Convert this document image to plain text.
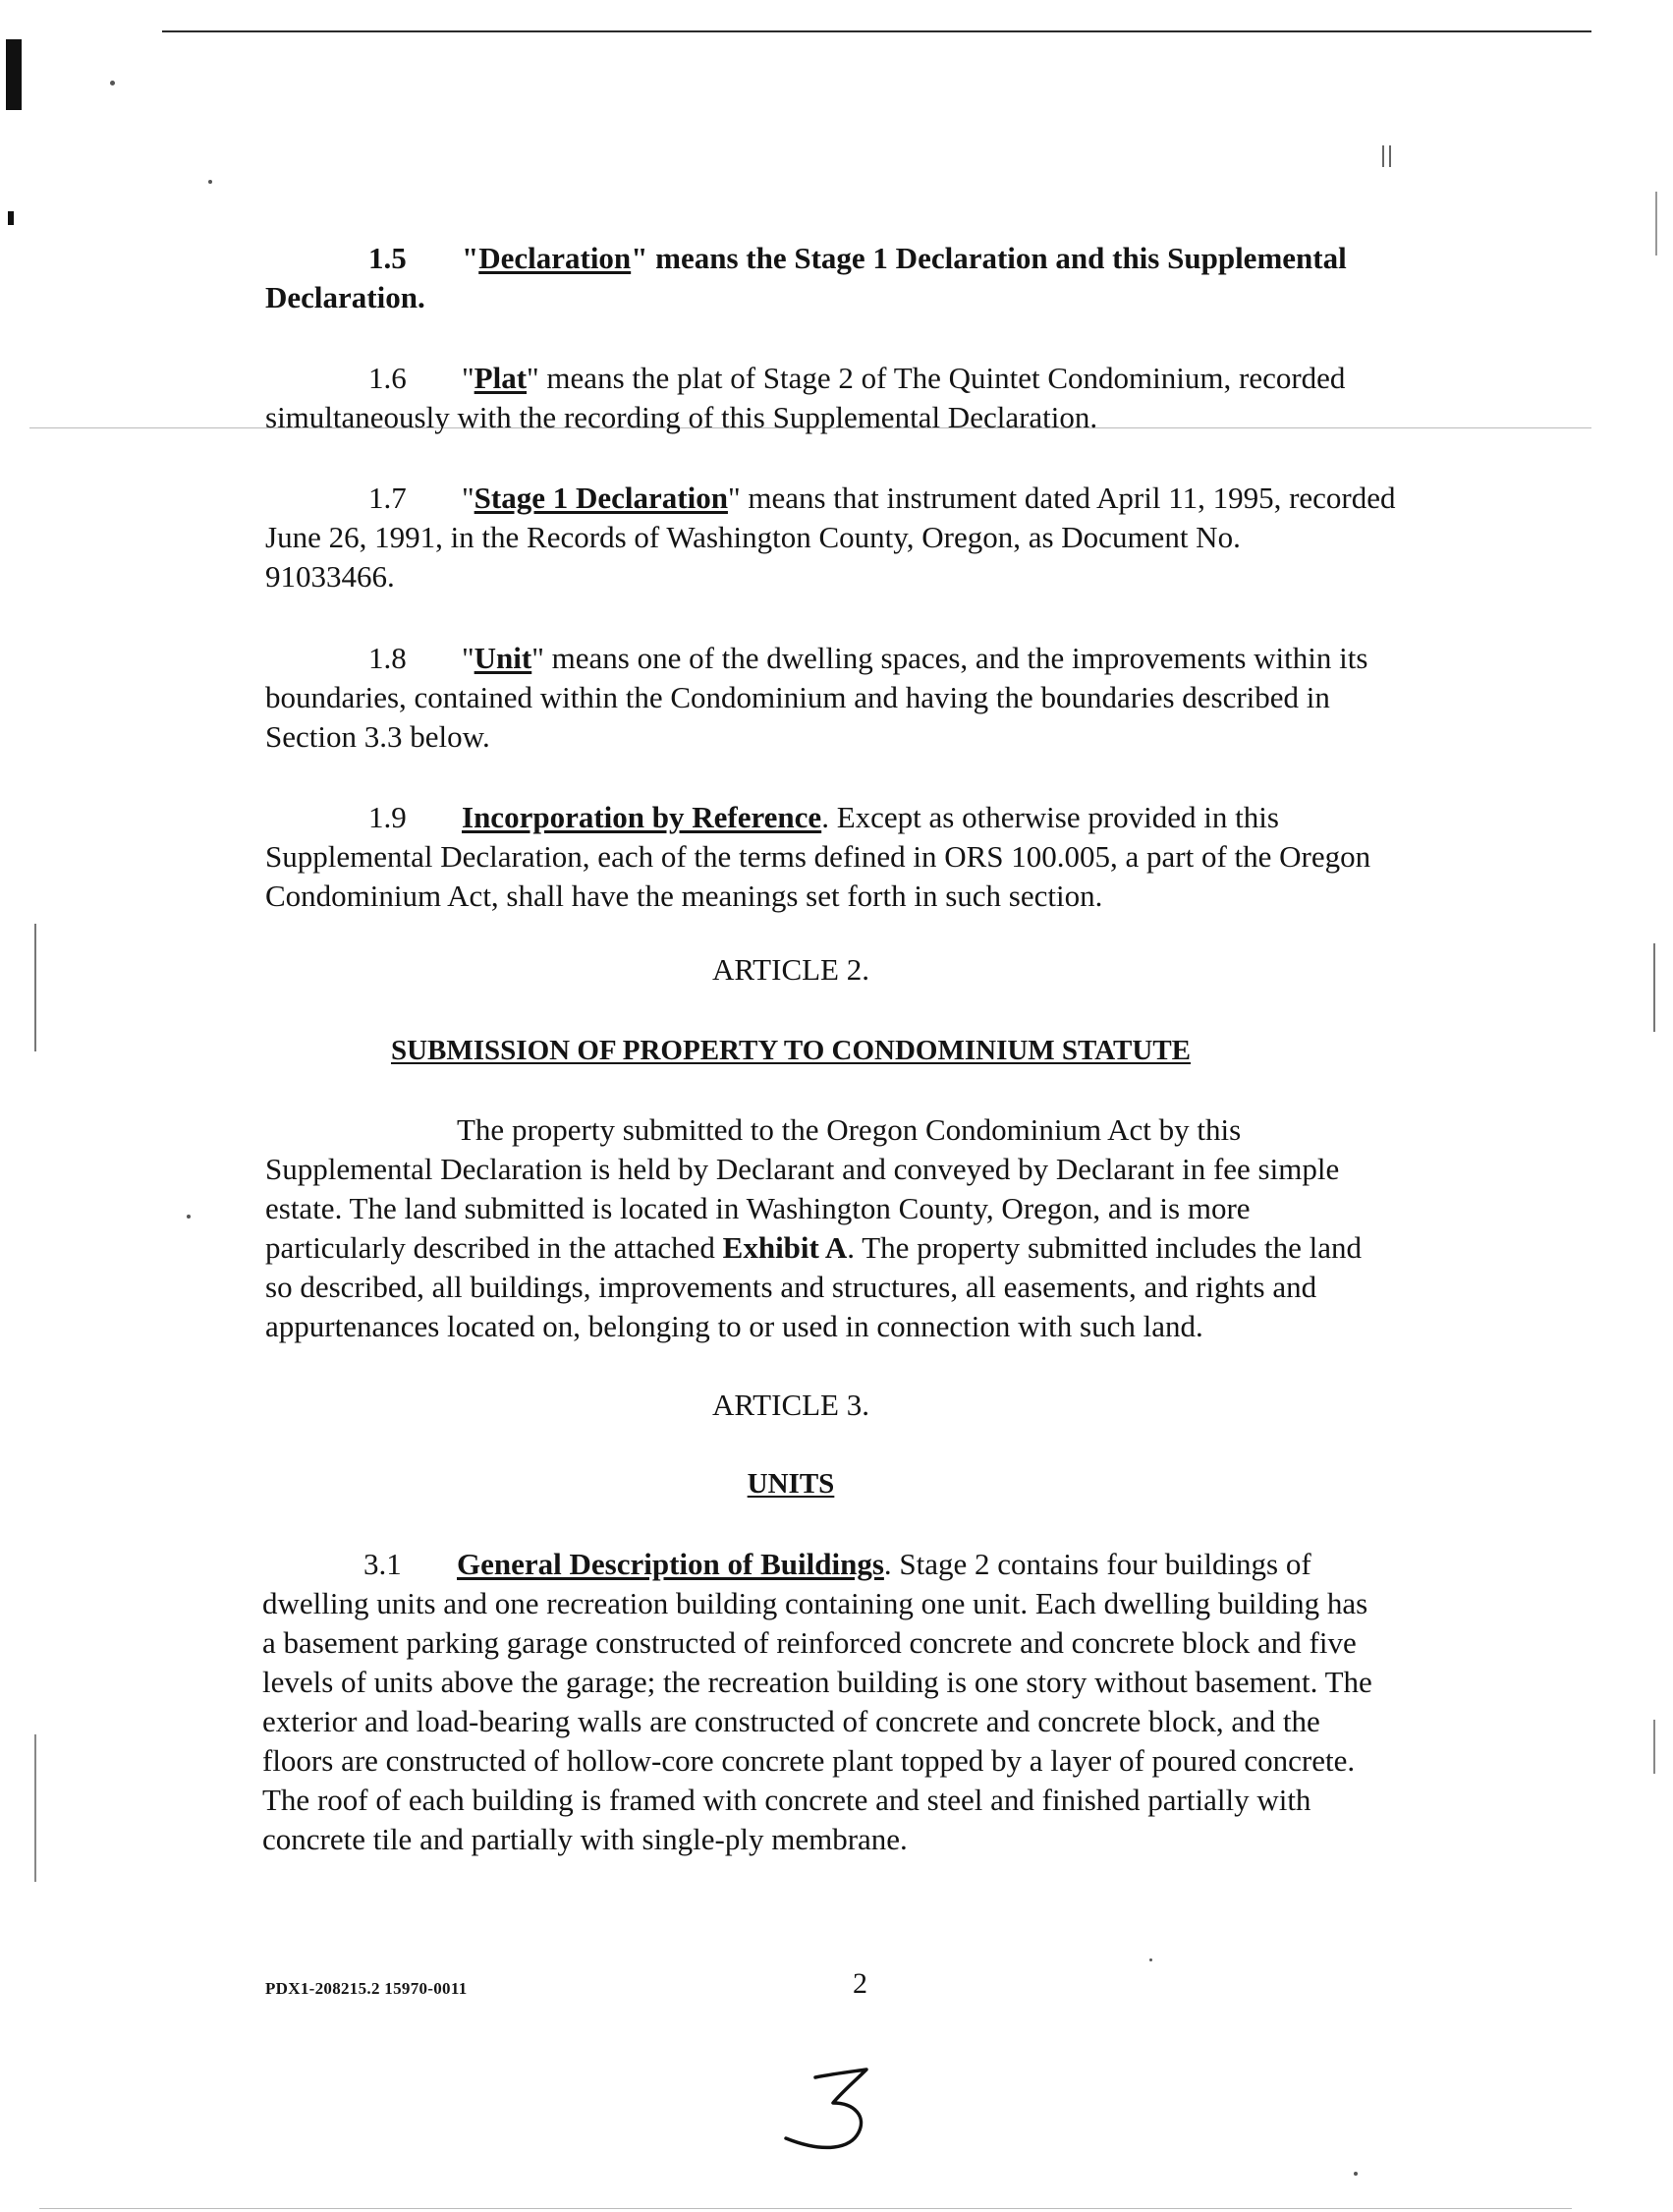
1.5 "Declaration" means the Stage 1 Declaration and this Supplemental
Declaration.
1.6 "Plat" means the plat of Stage 2 of The Quintet Condominium, recorded
simultaneously with the recording of this Supplemental Declaration.
1.7 "Stage 1 Declaration" means that instrument dated April 11, 1995, recorded
June 26, 1991, in the Records of Washington County, Oregon, as Document No.
91033466.
1.8 "Unit" means one of the dwelling spaces, and the improvements within its
boundaries, contained within the Condominium and having the boundaries described in
Section 3.3 below.
1.9 Incorporation by Reference. Except as otherwise provided in this
Supplemental Declaration, each of the terms defined in ORS 100.005, a part of the Oregon
Condominium Act, shall have the meanings set forth in such section.
ARTICLE 2.
SUBMISSION OF PROPERTY TO CONDOMINIUM STATUTE
The property submitted to the Oregon Condominium Act by this
Supplemental Declaration is held by Declarant and conveyed by Declarant in fee simple
estate. The land submitted is located in Washington County, Oregon, and is more
particularly described in the attached Exhibit A. The property submitted includes the land
so described, all buildings, improvements and structures, all easements, and rights and
appurtenances located on, belonging to or used in connection with such land.
ARTICLE 3.
UNITS
3.1 General Description of Buildings. Stage 2 contains four buildings of
dwelling units and one recreation building containing one unit. Each dwelling building has
a basement parking garage constructed of reinforced concrete and concrete block and five
levels of units above the garage; the recreation building is one story without basement. The
exterior and load-bearing walls are constructed of concrete and concrete block, and the
floors are constructed of hollow-core concrete plant topped by a layer of poured concrete.
The roof of each building is framed with concrete and steel and finished partially with
concrete tile and partially with single-ply membrane.
PDX1-208215.2 15970-0011	2
